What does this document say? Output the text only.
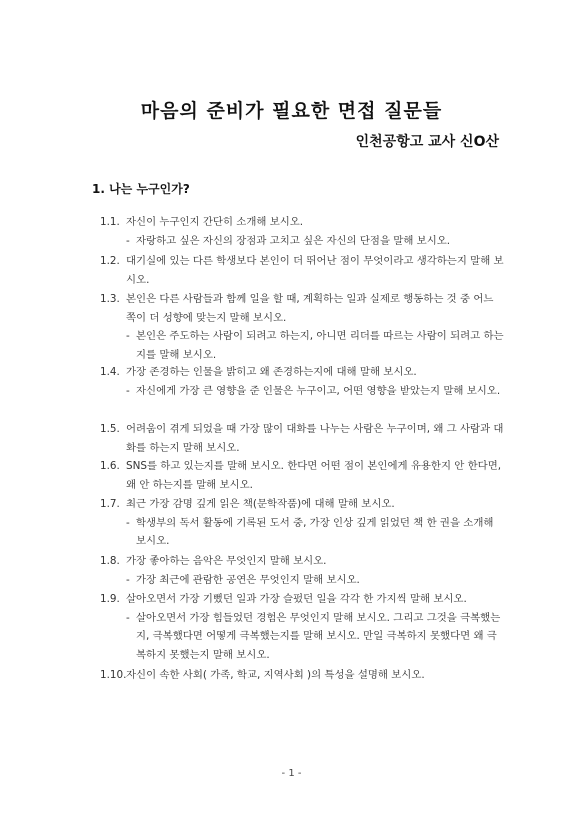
마음의 준비가 필요한 면접 질문들
인천공항고 교사 신O산
1. 나는 누구인가?
1.1. 자신이 누구인지 간단히 소개해 보시오.
- 자랑하고 싶은 자신의 장점과 고치고 싶은 자신의 단점을 말해 보시오.
1.2. 대기실에 있는 다른 학생보다 본인이 더 뛰어난 점이 무엇이라고 생각하는지 말해 보시오.
1.3. 본인은 다른 사람들과 함께 일을 할 때, 계획하는 일과 실제로 행동하는 것 중 어느 쪽이 더 성향에 맞는지 말해 보시오.
- 본인은 주도하는 사람이 되려고 하는지, 아니면 리더를 따르는 사람이 되려고 하는지를 말해 보시오.
1.4. 가장 존경하는 인물을 밝히고 왜 존경하는지에 대해 말해 보시오.
- 자신에게 가장 큰 영향을 준 인물은 누구이고, 어떤 영향을 받았는지 말해 보시오.
1.5. 어려움이 겪게 되었을 때 가장 많이 대화를 나누는 사람은 누구이며, 왜 그 사람과 대화를 하는지 말해 보시오.
1.6. SNS를 하고 있는지를 말해 보시오. 한다면 어떤 점이 본인에게 유용한지 안 한다면, 왜 안 하는지를 말해 보시오.
1.7. 최근 가장 감명 깊게 읽은 책(문학작품)에 대해 말해 보시오.
- 학생부의 독서 활동에 기록된 도서 중, 가장 인상 깊게 읽었던 책 한 권을 소개해 보시오.
1.8. 가장 좋아하는 음악은 무엇인지 말해 보시오.
- 가장 최근에 관람한 공연은 무엇인지 말해 보시오.
1.9. 살아오면서 가장 기뻤던 일과 가장 슬펐던 일을 각각 한 가지씩 말해 보시오.
- 살아오면서 가장 힘들었던 경험은 무엇인지 말해 보시오. 그리고 그것을 극복했는지, 극복했다면 어떻게 극복했는지를 말해 보시오. 만일 극복하지 못했다면 왜 극복하지 못했는지 말해 보시오.
1.10. 자신이 속한 사회( 가족, 학교, 지역사회 )의 특성을 설명해 보시오.
- 1 -
